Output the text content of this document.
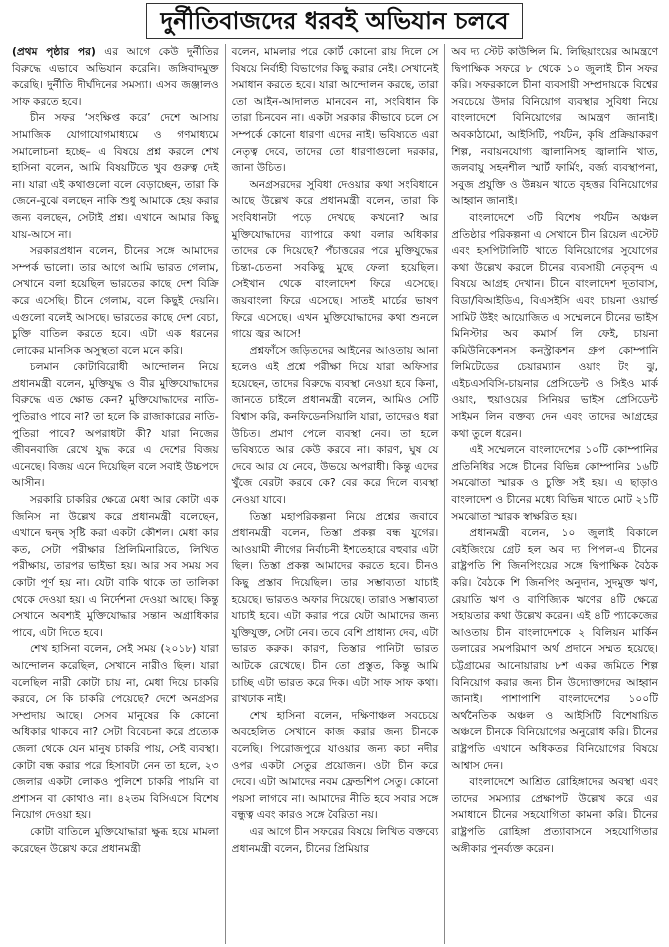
দুর্নীতিবাজদের ধরবই অভিযান চলবে

(প্রথম পৃষ্ঠার পর) এর আগে কেউ দুর্নীতির বিরুদ্ধে এভাবে অভিযান করেনি। জঙ্গিবাদমুক্ত করেছি। দুর্নীতি দীর্ঘদিনের সমস্যা। এসব জঞ্জালও সাফ করতে হবে।

চীন সফর ‘সংক্ষিপ্ত করে’ দেশে আসায় সামাজিক যোগাযোগমাধ্যমে ও গণমাধ্যমে সমালোচনা হচ্ছে– এ বিষয়ে প্রশ্ন করলে শেখ হাসিনা বলেন, আমি বিষয়টিতে খুব গুরুত্ব দেই না। যারা এই কথাগুলো বলে বেড়াচ্ছেন, তারা কি জেনে-বুঝে বলছেন নাকি শুধু আমাকে হেয় করার জন্য বলছেন, সেটাই প্রশ্ন। এখানে আমার কিছু যায়-আসে না।

সরকারপ্রধান বলেন, চীনের সঙ্গে আমাদের সম্পর্ক ভালো। তার আগে আমি ভারত গেলাম, সেখানে বলা হয়েছিল ভারতের কাছে দেশ বিক্রি করে এসেছি। চীনে গেলাম, বলে কিছুই দেয়নি। এগুলো বলেই আসছে। ভারতের কাছে দেশ বেচা, চুক্তি বাতিল করতে হবে। এটা এক ধরনের লোকের মানসিক অসুস্থতা বলে মনে করি।

চলমান কোটাবিরোধী আন্দোলন নিয়ে প্রধানমন্ত্রী বলেন, মুক্তিযুদ্ধ ও বীর মুক্তিযোদ্ধাদের বিরুদ্ধে এত ক্ষোভ কেন? মুক্তিযোদ্ধাদের নাতি-পুতিরাও পাবে না? তা হলে কি রাজাকারের নাতি-পুতিরা পাবে? অপরাধটা কী? যারা নিজের জীবনবাজি রেখে যুদ্ধ করে এ দেশের বিজয় এনেছে। বিজয় এনে দিয়েছিল বলে সবাই উচ্চপদে আসীন।

সরকারি চাকরির ক্ষেত্রে মেধা আর কোটা এক জিনিস না উল্লেখ করে প্রধানমন্ত্রী বলেছেন, এখানে দ্বন্দ্ব সৃষ্টি করা একটা কৌশল। মেধা কার কত, সেটা পরীক্ষার প্রিলিমিনারিতে, লিখিত পরীক্ষায়, তারপর ভাইভা হয়। আর সব সময় সব কোটা পূর্ণ হয় না। যেটা বাকি থাকে তা তালিকা থেকে দেওয়া হয়। এ নির্দেশনা দেওয়া আছে। কিন্তু সেখানে অবশ্যই মুক্তিযোদ্ধার সন্তান অগ্রাধিকার পাবে, এটা দিতে হবে।

শেখ হাসিনা বলেন, সেই সময় (২০১৮) যারা আন্দোলন করেছিল, সেখানে নারীও ছিল। যারা বলেছিল নারী কোটা চায় না, মেধা দিয়ে চাকরি করবে, সে কি চাকরি পেয়েছে? দেশে অনগ্রসর সম্প্রদায় আছে। সেসব মানুষের কি কোনো অধিকার থাকবে না? সেটা বিবেচনা করে প্রত্যেক জেলা থেকে যেন মানুষ চাকরি পায়, সেই ব্যবস্থা। কোটা বন্ধ করার পরে হিসাবটা নেন তা হলে, ২৩ জেলার একটা লোকও পুলিশে চাকরি পায়নি বা প্রশাসন বা কোথাও না। ৪২তম বিসিএসে বিশেষ নিয়োগ দেওয়া হয়।

কোটা বাতিলে মুক্তিযোদ্ধারা ক্ষুব্ধ হয়ে মামলা করেছেন উল্লেখ করে প্রধানমন্ত্রী

বলেন, মামলার পরে কোর্ট কোনো রায় দিলে সে বিষয়ে নির্বাহী বিভাগের কিছু করার নেই। সেখানেই সমাধান করতে হবে। যারা আন্দোলন করছে, তারা তো আইন-আদালত মানবেন না, সংবিধান কি তারা চিনবেন না। একটা সরকার কীভাবে চলে সে সম্পর্কে কোনো ধারণা এদের নাই। ভবিষ্যতে এরা নেতৃত্ব দেবে, তাদের তো ধারণাগুলো দরকার, জানা উচিত।

অনগ্রসরদের সুবিধা দেওয়ার কথা সংবিধানে আছে উল্লেখ করে প্রধানমন্ত্রী বলেন, তারা কি সংবিধানটা পড়ে দেখছে কখনো? আর মুক্তিযোদ্ধাদের ব্যাপারে কথা বলার অধিকার তাদের কে দিয়েছে? পঁচাত্তরের পরে মুক্তিযুদ্ধের চিন্তা-চেতনা সবকিছু মুছে ফেলা হয়েছিল। সেইখান থেকে বাংলাদেশ ফিরে এসেছে। জয়বাংলা ফিরে এসেছে। সাতই মার্চের ভাষণ ফিরে এসেছে। এখন মুক্তিযোদ্ধাদের কথা শুনলে গায়ে জ্বর আসে!

প্রশ্নফাঁসে জড়িতদের আইনের আওতায় আনা হলেও এই প্রশ্নে পরীক্ষা দিয়ে যারা অফিসার হয়েছেন, তাদের বিরুদ্ধে ব্যবস্থা নেওয়া হবে কিনা, জানতে চাইলে প্রধানমন্ত্রী বলেন, আমিও সেটি বিশ্বাস করি, কনফিডেনসিয়ালি যারা, তাদেরও ধরা উচিত। প্রমাণ পেলে ব্যবস্থা নেব। তা হলে ভবিষ্যতে আর কেউ করবে না। কারণ, ঘুষ যে দেবে আর যে নেবে, উভয়ে অপরাধী। কিন্তু এদের খুঁজে বেরটা করবে কে? বের করে দিলে ব্যবস্থা নেওয়া যাবে।

তিস্তা মহাপরিকল্পনা নিয়ে প্রশ্নের জবাবে প্রধানমন্ত্রী বলেন, তিস্তা প্রকল্প বন্ধ যুগের। আওয়ামী লীগের নির্বাচনী ইশতেহারে বহুবার এটা ছিল। তিস্তা প্রকল্প আমাদের করতে হবে। চীনও কিছু প্রস্তাব দিয়েছিল। তার সম্ভাব্যতা যাচাই হয়েছে। ভারতও অফার দিয়েছে। তারাও সম্ভাব্যতা যাচাই হবে। এটা করার পরে যেটা আমাদের জন্য যুক্তিযুক্ত, সেটা নেব। তবে বেশি প্রাধান্য দেব, এটা ভারত করুক। কারণ, তিস্তার পানিটা ভারত আটকে রেখেছে। চীন তো প্রস্তুত, কিন্তু আমি চাচ্ছি এটা ভারত করে দিক। এটা সাফ সাফ কথা। রাখঢাক নাই।

শেখ হাসিনা বলেন, দক্ষিণাঞ্চল সবচেয়ে অবহেলিত সেখানে কাজ করার জন্য চীনকে বলেছি। পিরোজপুরে যাওয়ার জন্য কচা নদীর ওপর একটা সেতুর প্রয়োজন। ওটা চীন করে দেবে। এটা আমাদের নবম ফ্রেন্ডশিপ সেতু। কোনো পয়সা লাগবে না। আমাদের নীতি হবে সবার সঙ্গে বন্ধুত্ব এবং কারও সঙ্গে বৈরিতা নয়।

এর আগে চীন সফরের বিষয়ে লিখিত বক্তব্যে প্রধানমন্ত্রী বলেন, চীনের প্রিমিয়ার

অব দ্য স্টেট কাউন্সিল মি. লিছিয়াংয়ের আমন্ত্রণে দ্বিপাক্ষিক সফরে ৮ থেকে ১০ জুলাই চীন সফর করি। সফরকালে চীনা ব্যবসায়ী সম্প্রদায়কে বিশ্বের সবচেয়ে উদার বিনিয়োগ ব্যবস্থার সুবিধা নিয়ে বাংলাদেশে বিনিয়োগের আমন্ত্রণ জানাই। অবকাঠামো, আইসিটি, পর্যটন, কৃষি প্রক্রিয়াকরণ শিল্প, নবায়নযোগ্য জ্বালানিসহ জ্বালানি খাত, জলবায়ু সহনশীল স্মার্ট ফার্মিং, বর্জ্য ব্যবস্থাপনা, সবুজ প্রযুক্তি ও উন্নয়ন খাতে বৃহত্তর বিনিয়োগের আহ্বান জানাই।

বাংলাদেশে ৩টি বিশেষ পর্যটন অঞ্চল প্রতিষ্ঠার পরিকল্পনা এ সেখানে চীন রিয়েল এস্টেট এবং হসপিটালিটি খাতে বিনিয়োগের সুযোগের কথা উল্লেখ করলে চীনের ব্যবসায়ী নেতৃবৃন্দ এ বিষয়ে আগ্রহ দেখান। চীনে বাংলাদেশ দূতাবাস, বিডা/বিআইডিএ, বিএসইসি এবং চায়না ওয়ার্ল্ড সামিট উইং আয়োজিত এ সম্মেলনে চীনের ভাইস মিনিস্টার অব কমার্স লি ফেই, চায়না কমিউনিকেশনস কনস্ট্রাকশন গ্রুপ কোম্পানি লিমিটেডের চেয়ারম্যান ওয়াং টং ঝু, এইচএসবিসি-চায়নার প্রেসিডেন্ট ও সিইও মার্ক ওয়াং, হুয়াওয়ের সিনিয়র ভাইস প্রেসিডেন্ট সাইমন লিন বক্তব্য দেন এবং তাদের আগ্রহের কথা তুলে ধরেন।

এই সম্মেলনে বাংলাদেশের ১০টি কোম্পানির প্রতিনিধির সঙ্গে চীনের বিভিন্ন কোম্পানির ১৬টি সমঝোতা স্মারক ও চুক্তি সই হয়। এ ছাড়াও বাংলাদেশ ও চীনের মধ্যে বিভিন্ন খাতে মোট ২১টি সমঝোতা স্মারক স্বাক্ষরিত হয়।

প্রধানমন্ত্রী বলেন, ১০ জুলাই বিকালে বেইজিংয়ে গ্রেট হল অব দ্য পিপল-এ চীনের রাষ্ট্রপতি শি জিনপিংয়ের সঙ্গে দ্বিপাক্ষিক বৈঠক করি। বৈঠকে শি জিনপিং অনুদান, সুদমুক্ত ঋণ, রেয়াতি ঋণ ও বাণিজ্যিক ঋণের ৪টি ক্ষেত্রে সহায়তার কথা উল্লেখ করেন। এই ৪টি প্যাকেজের আওতায় চীন বাংলাদেশকে ২ বিলিয়ন মার্কিন ডলারের সমপরিমাণ অর্থ প্রদানে সম্মত হয়েছে। চট্টগ্রামের আনোয়ারায় ৮শ একর জমিতে শিল্প বিনিয়োগ করার জন্য চীন উদ্যোক্তাদের আহ্বান জানাই। পাশাপাশি বাংলাদেশের ১০০টি অর্থনৈতিক অঞ্চল ও আইসিটি বিশেষায়িত অঞ্চলে চীনকে বিনিয়োগের অনুরোধ করি। চীনের রাষ্ট্রপতি এখানে অধিকতর বিনিয়োগের বিষয়ে আশ্বাস দেন।

বাংলাদেশে আশ্রিত রোহিঙ্গাদের অবস্থা এবং তাদের সমস্যার প্রেক্ষাপট উল্লেখ করে এর সমাধানে চীনের সহযোগিতা কামনা করি। চীনের রাষ্ট্রপতি রোহিঙ্গা প্রত্যাবাসনে সহযোগিতার অঙ্গীকার পুনর্ব্যক্ত করেন।
